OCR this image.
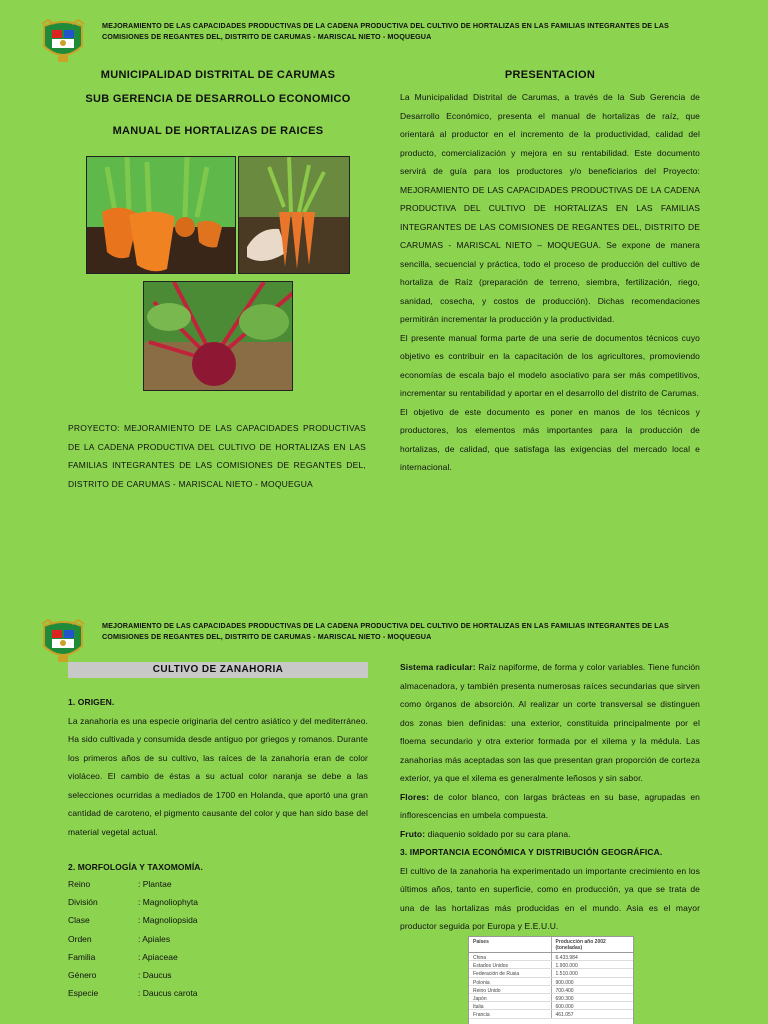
MEJORAMIENTO DE LAS CAPACIDADES PRODUCTIVAS DE LA CADENA PRODUCTIVA DEL CULTIVO DE HORTALIZAS EN LAS FAMILIAS INTEGRANTES DE LAS COMISIONES DE REGANTES DEL, DISTRITO DE CARUMAS - MARISCAL NIETO - MOQUEGUA
MUNICIPALIDAD DISTRITAL DE CARUMAS
SUB GERENCIA DE DESARROLLO ECONOMICO
MANUAL DE HORTALIZAS DE RAICES
PROYECTO: MEJORAMIENTO DE LAS CAPACIDADES PRODUCTIVAS DE LA CADENA PRODUCTIVA DEL CULTIVO DE HORTALIZAS EN LAS FAMILIAS INTEGRANTES DE LAS COMISIONES DE REGANTES DEL, DISTRITO DE CARUMAS - MARISCAL NIETO - MOQUEGUA
PRESENTACION

La Municipalidad Distrital de Carumas, a través de la Sub Gerencia de Desarrollo Económico, presenta el manual de hortalizas de raíz, que orientará al productor en el incremento de la productividad, calidad del producto, comercialización y mejora en su rentabilidad. Este documento servirá de guía para los productores y/o beneficiarios del Proyecto: MEJORAMIENTO DE LAS CAPACIDADES PRODUCTIVAS DE LA CADENA PRODUCTIVA DEL CULTIVO DE HORTALIZAS EN LAS FAMILIAS INTEGRANTES DE LAS COMISIONES DE REGANTES DEL, DISTRITO DE CARUMAS - MARISCAL NIETO – MOQUEGUA. Se expone de manera sencilla, secuencial y práctica, todo el proceso de producción del cultivo de hortaliza de Raíz (preparación de terreno, siembra, fertilización, riego, sanidad, cosecha, y costos de producción). Dichas recomendaciones permitirán incrementar la producción y la productividad.

El presente manual forma parte de una serie de documentos técnicos cuyo objetivo es contribuir en la capacitación de los agricultores, promoviendo economías de escala bajo el modelo asociativo para ser más competitivos, incrementar su rentabilidad y aportar en el desarrollo del distrito de Carumas.

El objetivo de este documento es poner en manos de los técnicos y productores, los elementos más importantes para la producción de hortalizas, de calidad, que satisfaga las exigencias del mercado local e internacional.

MEJORAMIENTO DE LAS CAPACIDADES PRODUCTIVAS DE LA CADENA PRODUCTIVA DEL CULTIVO DE HORTALIZAS EN LAS FAMILIAS INTEGRANTES DE LAS COMISIONES DE REGANTES DEL, DISTRITO DE CARUMAS - MARISCAL NIETO - MOQUEGUA
CULTIVO DE ZANAHORIA

1. ORIGEN.

La zanahoria es una especie originaria del centro asiático y del mediterráneo. Ha sido cultivada y consumida desde antiguo por griegos y romanos. Durante los primeros años de su cultivo, las raíces de la zanahoria eran de color violáceo. El cambio de éstas a su actual color naranja se debe a las selecciones ocurridas a mediados de 1700 en Holanda, que aportó una gran cantidad de caroteno, el pigmento causante del color y que han sido base del material vegetal actual.

2. MORFOLOGÍA Y TAXOMOMÍA.

Reino	: Plantae
División	: Magnoliophyta
Clase	: Magnoliopsida
Orden	: Apiales
Familia	: Apiaceae
Género	: Daucus
Especie	: Daucus carota

Sistema radicular: Raíz napiforme, de forma y color variables. Tiene función almacenadora, y también presenta numerosas raíces secundarias que sirven como órganos de absorción. Al realizar un corte transversal se distinguen dos zonas bien definidas: una exterior, constituida principalmente por el floema secundario y otra exterior formada por el xilema y la médula. Las zanahorias más aceptadas son las que presentan gran proporción de corteza exterior, ya que el xilema es generalmente leñosos y sin sabor.

Flores: de color blanco, con largas brácteas en su base, agrupadas en inflorescencias en umbela compuesta.

Fruto: diaquenio soldado por su cara plana.

3. IMPORTANCIA ECONÓMICA Y DISTRIBUCIÓN GEOGRÁFICA.

El cultivo de la zanahoria ha experimentado un importante crecimiento en los últimos años, tanto en superficie, como en producción, ya que se trata de una de las hortalizas más producidas en el mundo. Asia es el mayor productor seguida por Europa y E.E.U.U.

Países	Producción año 2002 (toneladas)
China	6.433.984
Estados Unidos	1.900.000
Federación de Rusia	1.510.000
Polonia	900.000
Reino Unido	700.400
Japón	690.300
Italia	600.000
Francia	461.057
